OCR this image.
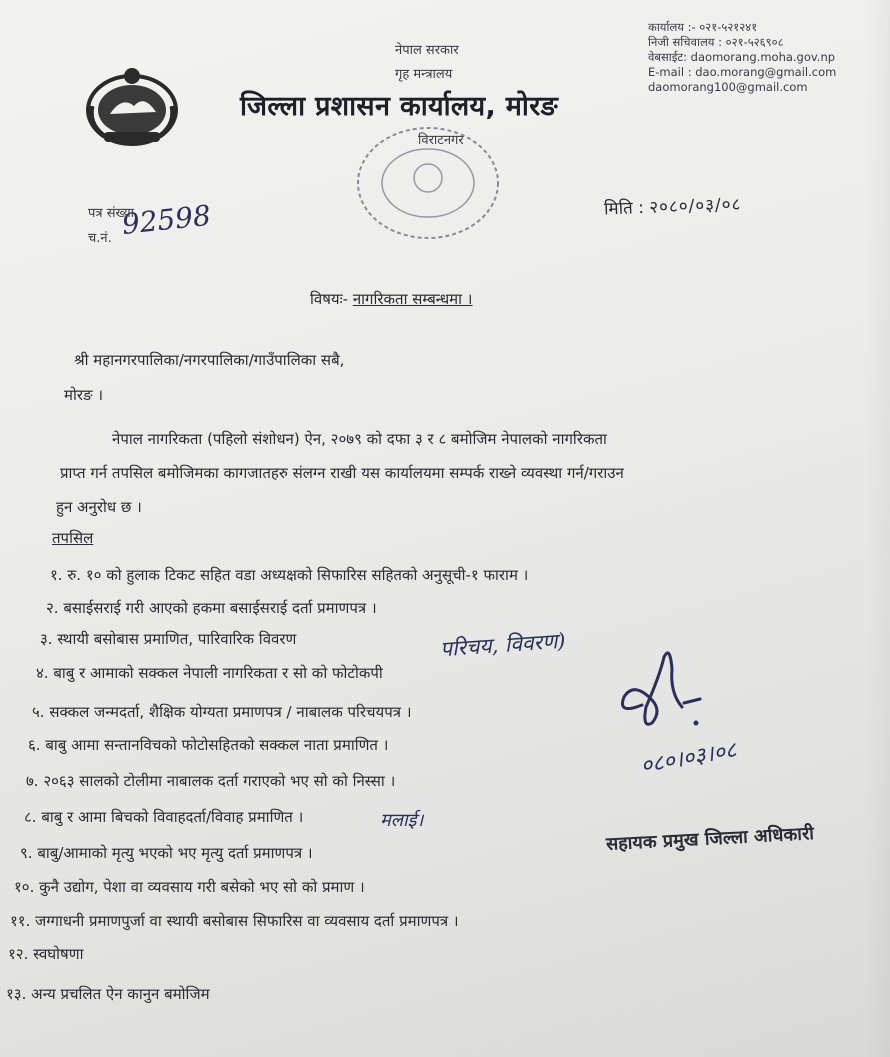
नेपाल सरकार
गृह मन्त्रालय
जिल्ला प्रशासन कार्यालय, मोरङ
कार्यालय :- ०२१-५२१२४१
निजी सचिवालय : ०२१-५२६९०८
वेबसाईट: daomorang.moha.gov.np
E-mail : dao.morang@gmail.com
daomorang100@gmail.com
विराटनगर
पत्र संख्या
च.नं. 92598	मिति : २०८०/०३/०८
विषयः- नागरिकता सम्बन्धमा ।
श्री महानगरपालिका/नगरपालिका/गाउँपालिका सबै,
मोरङ ।
नेपाल नागरिकता (पहिलो संशोधन) ऐन, २०७९ को दफा ३ र ८ बमोजिम नेपालको नागरिकता
प्राप्त गर्न तपसिल बमोजिमका कागजातहरु संलग्न राखी यस कार्यालयमा सम्पर्क राख्ने व्यवस्था गर्न/गराउन
हुन अनुरोध छ ।
तपसिल
१. रु. १० को हुलाक टिकट सहित वडा अध्यक्षको सिफारिस सहितको अनुसूची-१ फाराम ।
२. बसाईसराई गरी आएको हकमा बसाईसराई दर्ता प्रमाणपत्र ।
३. स्थायी बसोबास प्रमाणित, पारिवारिक विवरण
४. बाबु र आमाको सक्कल नेपाली नागरिकता र सो को फोटोकपी
५. सक्कल जन्मदर्ता, शैक्षिक योग्यता प्रमाणपत्र / नाबालक परिचयपत्र ।
६. बाबु आमा सन्तानविचको फोटोसहितको सक्कल नाता प्रमाणित ।
७. २०६३ सालको टोलीमा नाबालक दर्ता गराएको भए सो को निस्सा ।
८. बाबु र आमा बिचको विवाहदर्ता/विवाह प्रमाणित ।
९. बाबु/आमाको मृत्यु भएको भए मृत्यु दर्ता प्रमाणपत्र ।
१०. कुनै उद्योग, पेशा वा व्यवसाय गरी बसेको भए सो को प्रमाण ।
११. जग्गाधनी प्रमाणपुर्जा वा स्थायी बसोबास सिफारिस वा व्यवसाय दर्ता प्रमाणपत्र ।
१२. स्वघोषणा
१३. अन्य प्रचलित ऐन कानुन बमोजिम
परिचय, विवरण)
मलाई।
०८०।०३।०८
सहायक प्रमुख जिल्ला अधिकारी
